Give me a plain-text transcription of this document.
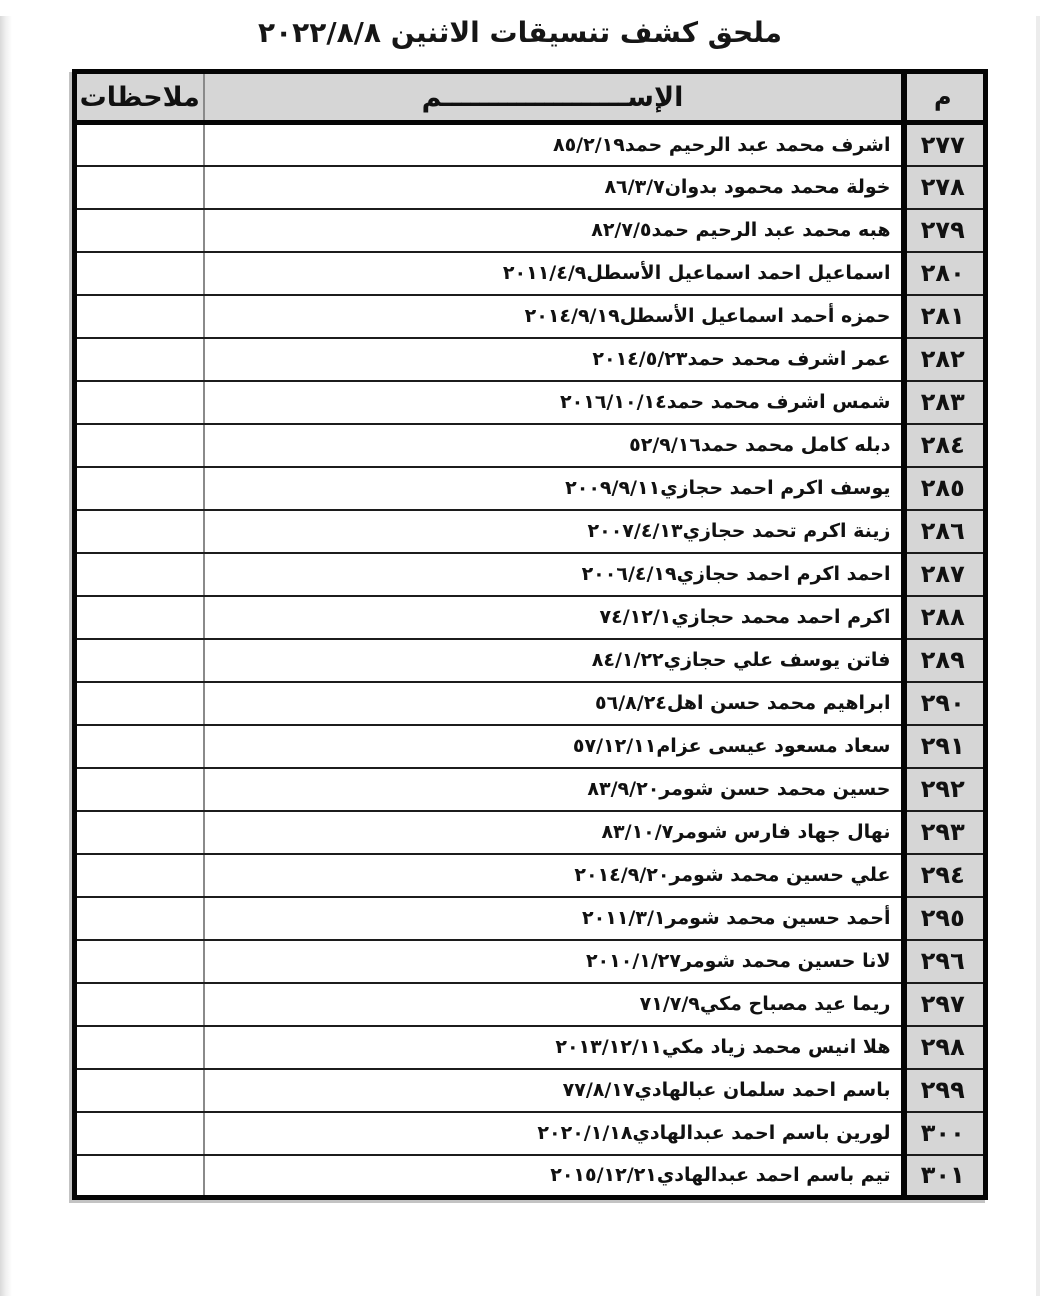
ملحق كشف تنسيقات الاثنين ٢٠٢٢/٨/٨
م	الإســــــــــــــــــــم	ملاحظات
٢٧٧	اشرف محمد عبد الرحيم حمد٨٥/٢/١٩	
٢٧٨	خولة محمد محمود بدوان٨٦/٣/٧	
٢٧٩	هبه محمد عبد الرحيم حمد٨٢/٧/٥	
٢٨٠	اسماعيل احمد اسماعيل الأسطل٢٠١١/٤/٩	
٢٨١	حمزه أحمد اسماعيل الأسطل٢٠١٤/٩/١٩	
٢٨٢	عمر اشرف محمد حمد٢٠١٤/٥/٢٣	
٢٨٣	شمس اشرف محمد حمد٢٠١٦/١٠/١٤	
٢٨٤	دبله كامل محمد حمد٥٢/٩/١٦	
٢٨٥	يوسف اكرم احمد حجازي٢٠٠٩/٩/١١	
٢٨٦	زينة اكرم تحمد حجازي٢٠٠٧/٤/١٣	
٢٨٧	احمد اكرم احمد حجازي٢٠٠٦/٤/١٩	
٢٨٨	اكرم احمد محمد حجازي٧٤/١٢/١	
٢٨٩	فاتن يوسف علي حجازي٨٤/١/٢٢	
٢٩٠	ابراهيم محمد حسن اهل٥٦/٨/٢٤	
٢٩١	سعاد مسعود عيسى عزام٥٧/١٢/١١	
٢٩٢	حسين محمد حسن شومر٨٣/٩/٢٠	
٢٩٣	نهال جهاد فارس شومر٨٣/١٠/٧	
٢٩٤	علي حسين محمد شومر٢٠١٤/٩/٢٠	
٢٩٥	أحمد حسين محمد شومر٢٠١١/٣/١	
٢٩٦	لانا حسين محمد شومر٢٠١٠/١/٢٧	
٢٩٧	ريما عيد مصباح مكي٧١/٧/٩	
٢٩٨	هلا انيس محمد زياد مكي٢٠١٣/١٢/١١	
٢٩٩	باسم احمد سلمان عبالهادي٧٧/٨/١٧	
٣٠٠	لورين باسم احمد عبدالهادي٢٠٢٠/١/١٨	
٣٠١	تيم باسم احمد عبدالهادي٢٠١٥/١٢/٢١	
